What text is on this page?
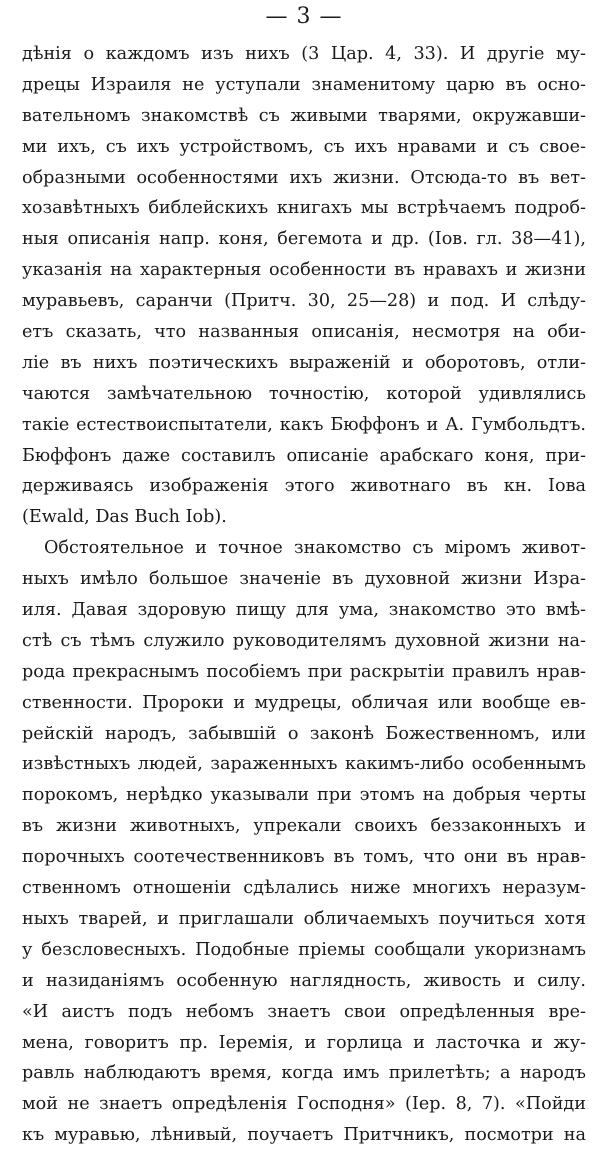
— 3 —
дѣнія о каждомъ изъ нихъ (3 Цар. 4, 33). И другіе му-
дрецы Израиля не уступали знаменитому царю въ осно-
вательномъ знакомствѣ съ живыми тварями, окружавши-
ми ихъ, съ ихъ устройствомъ, съ ихъ нравами и съ свое-
образными особенностями ихъ жизни. Отсюда-то въ вет-
хозавѣтныхъ библейскихъ книгахъ мы встрѣчаемъ подроб-
ныя описанія напр. коня, бегемота и др. (Іов. гл. 38—41),
указанія на характерныя особенности въ нравахъ и жизни
муравьевъ, саранчи (Притч. 30, 25—28) и под. И слѣду-
етъ сказать, что названныя описанія, несмотря на оби-
ліе въ нихъ поэтическихъ выраженій и оборотовъ, отли-
чаются замѣчательною точностію, которой удивлялись
такіе естествоиспытатели, какъ Бюффонъ и А. Гумбольдтъ.
Бюффонъ даже составилъ описаніе арабскаго коня, при-
держиваясь изображенія этого животнаго въ кн. Іова
(Ewald, Das Buch Iob).
Обстоятельное и точное знакомство съ міромъ живот-
ныхъ имѣло большое значеніе въ духовной жизни Изра-
иля. Давая здоровую пищу для ума, знакомство это вмѣ-
стѣ съ тѣмъ служило руководителямъ духовной жизни на-
рода прекраснымъ пособіемъ при раскрытіи правилъ нрав-
ственности. Пророки и мудрецы, обличая или вообще ев-
рейскій народъ, забывшій о законѣ Божественномъ, или
извѣстныхъ людей, зараженныхъ какимъ-либо особеннымъ
порокомъ, нерѣдко указывали при этомъ на добрыя черты
въ жизни животныхъ, упрекали своихъ беззаконныхъ и
порочныхъ соотечественниковъ въ томъ, что они въ нрав-
ственномъ отношеніи сдѣлались ниже многихъ неразум-
ныхъ тварей, и приглашали обличаемыхъ поучиться хотя
у безсловесныхъ. Подобные пріемы сообщали укоризнамъ
и назиданіямъ особенную наглядность, живость и силу.
«И аистъ подъ небомъ знаетъ свои опредѣленныя вре-
мена, говоритъ пр. Іеремія, и горлица и ласточка и жу-
равль наблюдаютъ время, когда имъ прилетѣть; а народъ
мой не знаетъ опредѣленія Господня» (Іер. 8, 7). «Пойди
къ муравью, лѣнивый, поучаетъ Притчникъ, посмотри на
